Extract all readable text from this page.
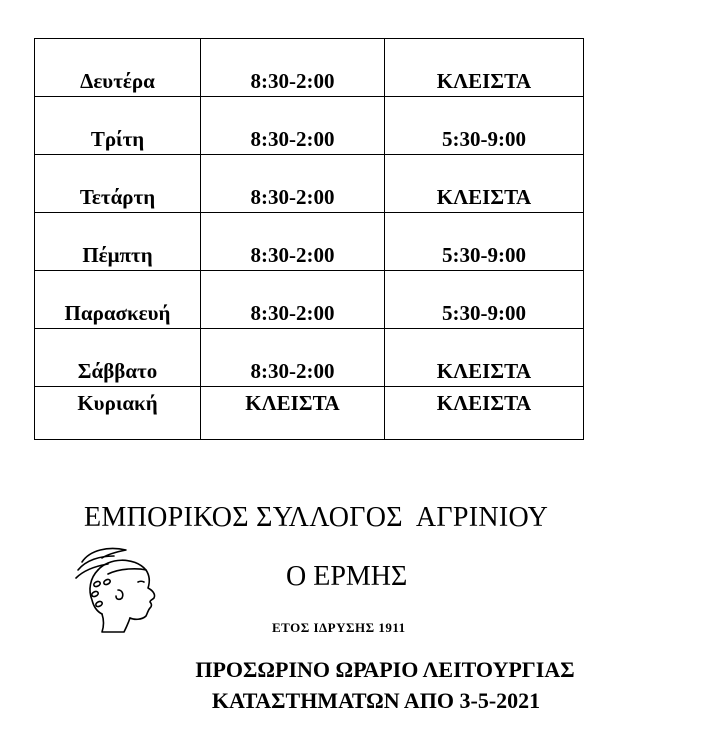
Δευτέρα	8:30-2:00	ΚΛΕΙΣΤΑ
Τρίτη	8:30-2:00	5:30-9:00
Τετάρτη	8:30-2:00	ΚΛΕΙΣΤΑ
Πέμπτη	8:30-2:00	5:30-9:00
Παρασκευή	8:30-2:00	5:30-9:00
Σάββατο	8:30-2:00	ΚΛΕΙΣΤΑ
Κυριακή	ΚΛΕΙΣΤΑ	ΚΛΕΙΣΤΑ
ΕΜΠΟΡΙΚΟΣ ΣΥΛΛΟΓΟΣ  ΑΓΡΙΝΙΟΥ
Ο ΕΡΜΗΣ
ΕΤΟΣ ΙΔΡΥΣΗΣ 1911
ΠΡΟΣΩΡΙΝΟ ΩΡΑΡΙΟ ΛΕΙΤΟΥΡΓΙΑΣ
ΚΑΤΑΣΤΗΜΑΤΩΝ ΑΠΟ 3-5-2021
